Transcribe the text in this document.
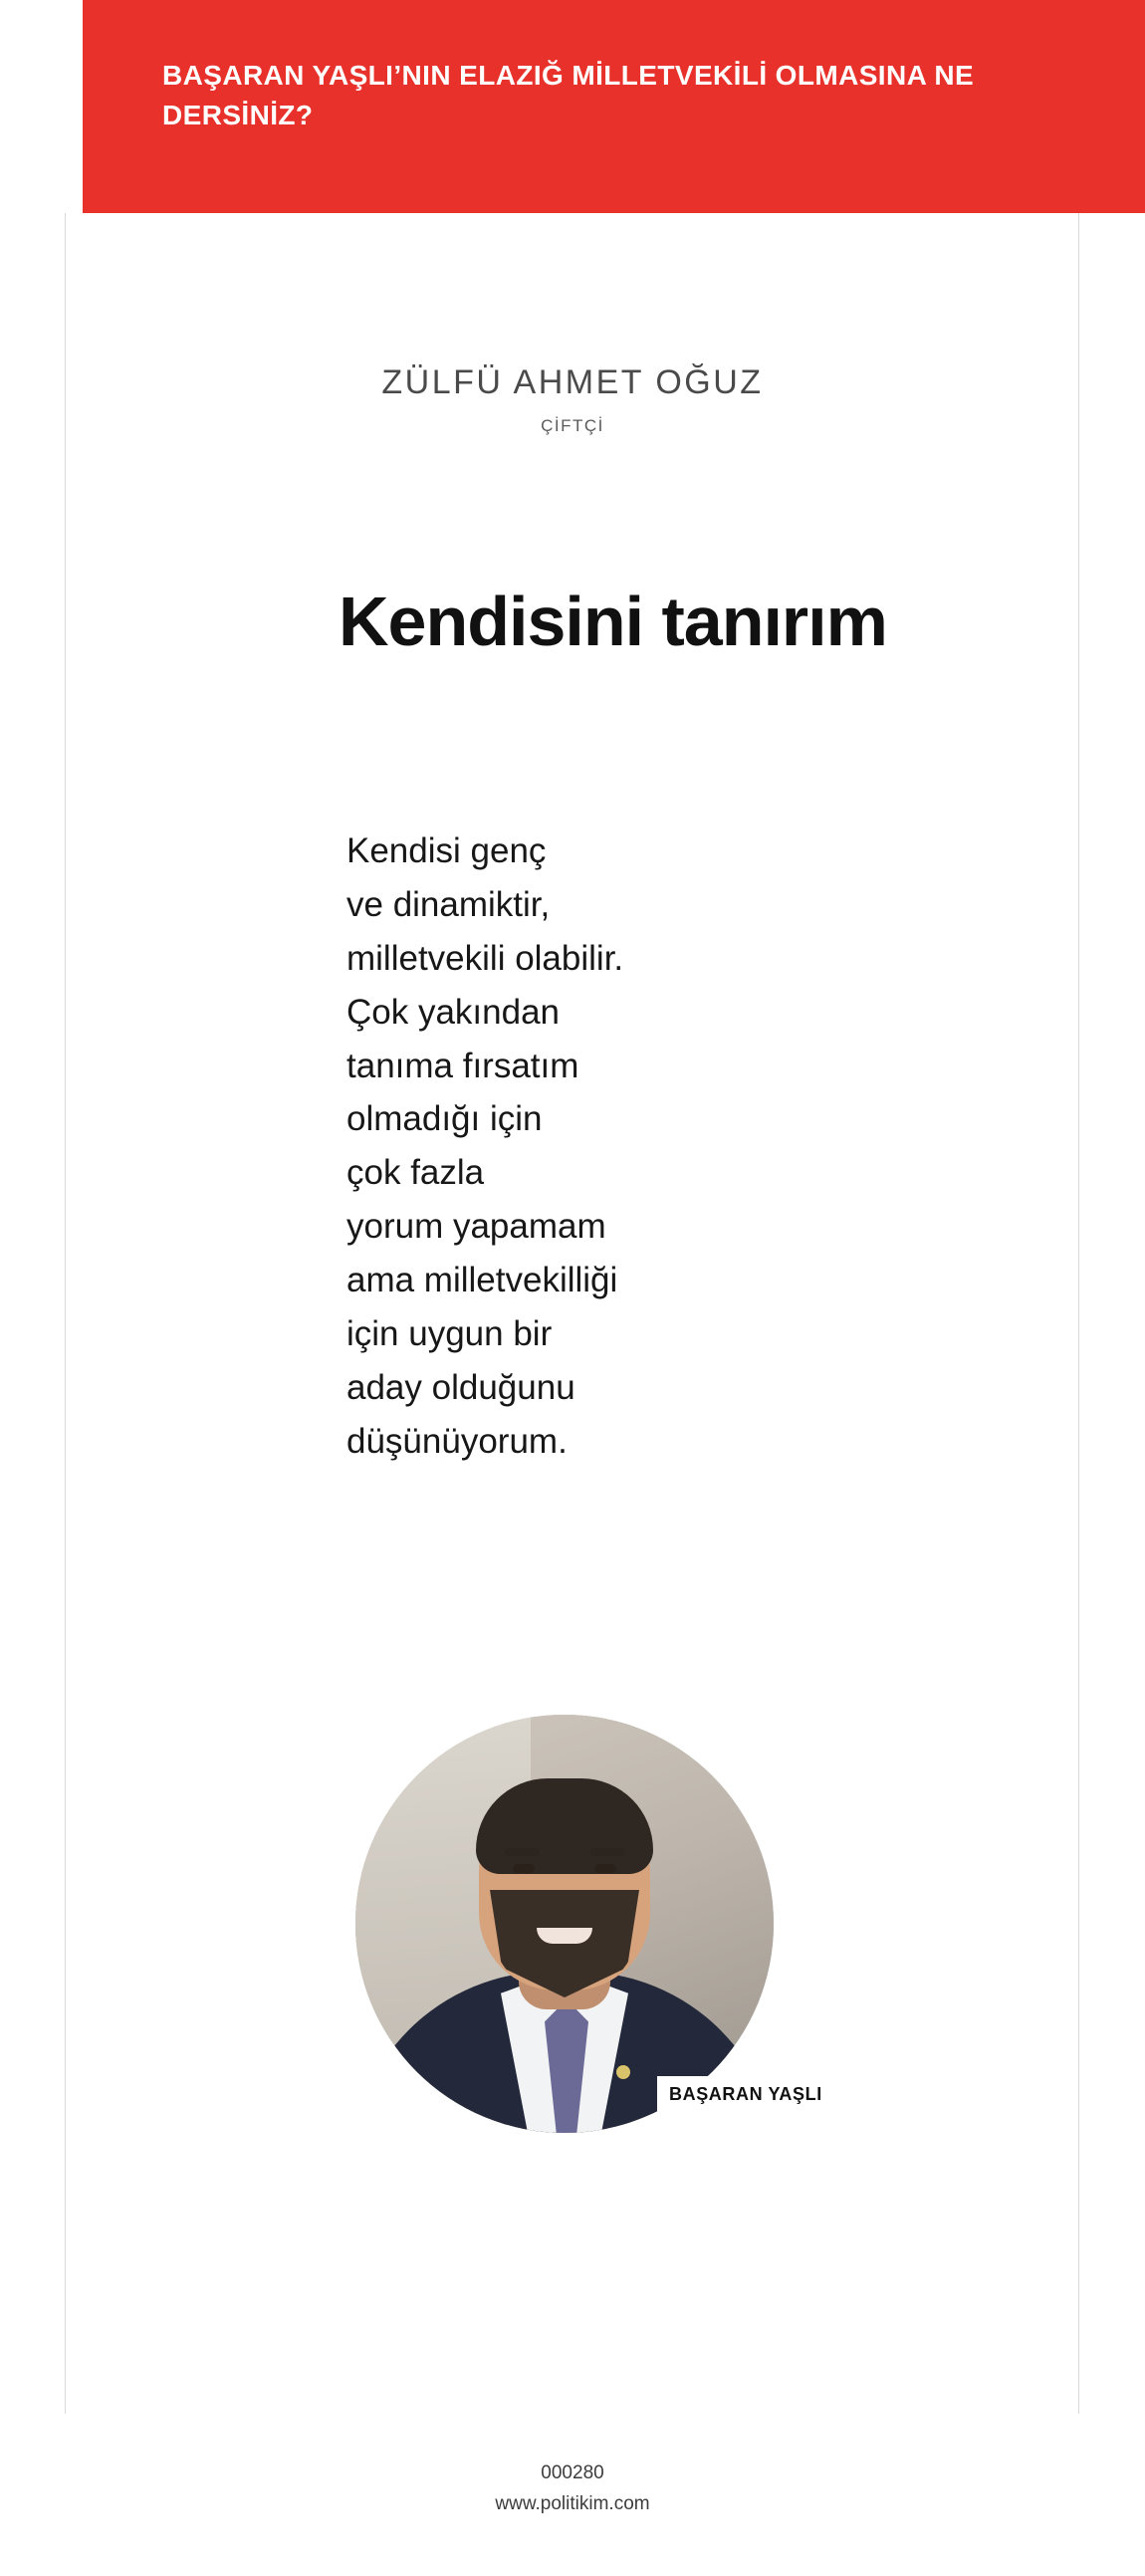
BAŞARAN YAŞLI’NIN ELAZIĞ MİLLETVEKİLİ OLMASINA NE DERSİNİZ?
ZÜLFÜ AHMET OĞUZ
ÇİFTÇİ
Kendisini tanırım
Kendisi genç
ve dinamiktir,
milletvekili olabilir.
Çok yakından
tanıma fırsatım
olmadığı için
çok fazla
yorum yapamam
ama milletvekilliği
için uygun bir
aday olduğunu
düşünüyorum.
BAŞARAN YAŞLI
000280
www.politikim.com
